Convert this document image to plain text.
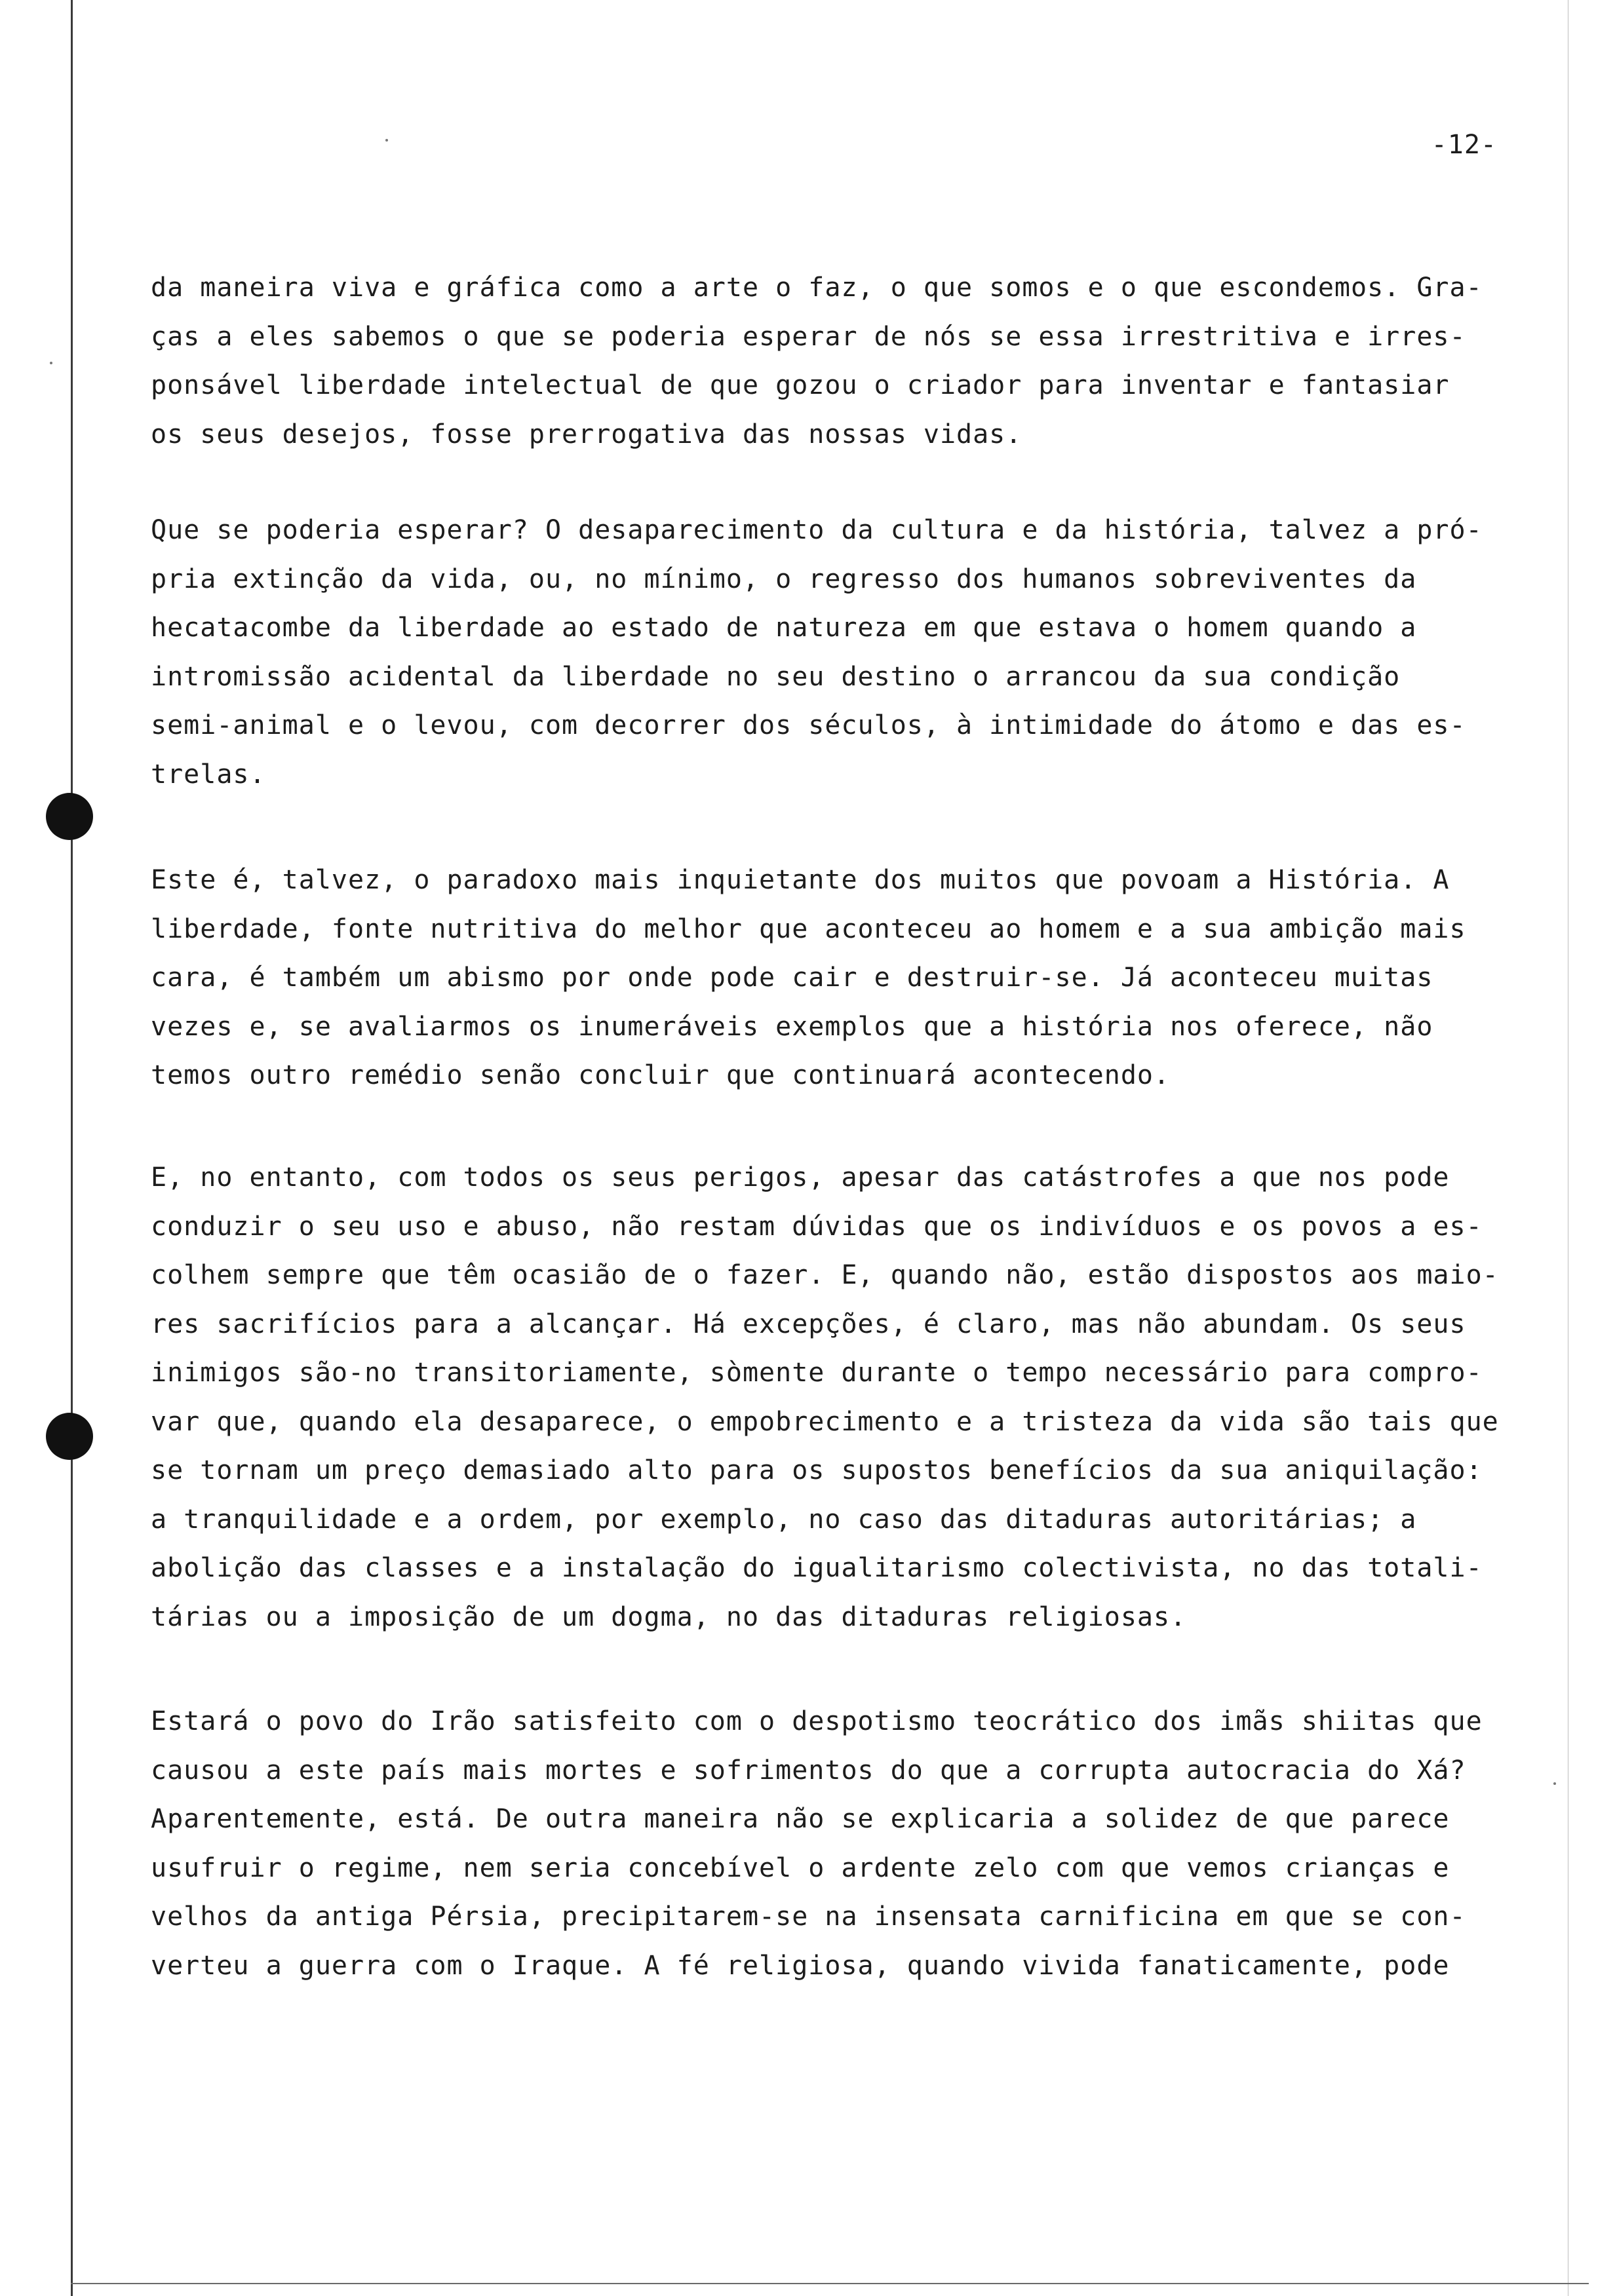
-12-
da maneira viva e gráfica como a arte o faz, o que somos e o que escondemos. Gra-
ças a eles sabemos o que se poderia esperar de nós se essa irrestritiva e irres-
ponsável liberdade intelectual de que gozou o criador para inventar e fantasiar
os seus desejos, fosse prerrogativa das nossas vidas.
Que se poderia esperar? O desaparecimento da cultura e da história, talvez a pró-
pria extinção da vida, ou, no mínimo, o regresso dos humanos sobreviventes da
hecatacombe da liberdade ao estado de natureza em que estava o homem quando a
intromissão acidental da liberdade no seu destino o arrancou da sua condição
semi-animal e o levou, com decorrer dos séculos, à intimidade do átomo e das es-
trelas.
Este é, talvez, o paradoxo mais inquietante dos muitos que povoam a História. A
liberdade, fonte nutritiva do melhor que aconteceu ao homem e a sua ambição mais
cara, é também um abismo por onde pode cair e destruir-se. Já aconteceu muitas
vezes e, se avaliarmos os inumeráveis exemplos que a história nos oferece, não
temos outro remédio senão concluir que continuará acontecendo.
E, no entanto, com todos os seus perigos, apesar das catástrofes a que nos pode
conduzir o seu uso e abuso, não restam dúvidas que os indivíduos e os povos a es-
colhem sempre que têm ocasião de o fazer. E, quando não, estão dispostos aos maio-
res sacrifícios para a alcançar. Há excepções, é claro, mas não abundam. Os seus
inimigos são-no transitoriamente, sòmente durante o tempo necessário para compro-
var que, quando ela desaparece, o empobrecimento e a tristeza da vida são tais que
se tornam um preço demasiado alto para os supostos benefícios da sua aniquilação:
a tranquilidade e a ordem, por exemplo, no caso das ditaduras autoritárias; a
abolição das classes e a instalação do igualitarismo colectivista, no das totali-
tárias ou a imposição de um dogma, no das ditaduras religiosas.
Estará o povo do Irão satisfeito com o despotismo teocrático dos imãs shiitas que
causou a este país mais mortes e sofrimentos do que a corrupta autocracia do Xá?
Aparentemente, está. De outra maneira não se explicaria a solidez de que parece
usufruir o regime, nem seria concebível o ardente zelo com que vemos crianças e
velhos da antiga Pérsia, precipitarem-se na insensata carnificina em que se con-
verteu a guerra com o Iraque. A fé religiosa, quando vivida fanaticamente, pode
